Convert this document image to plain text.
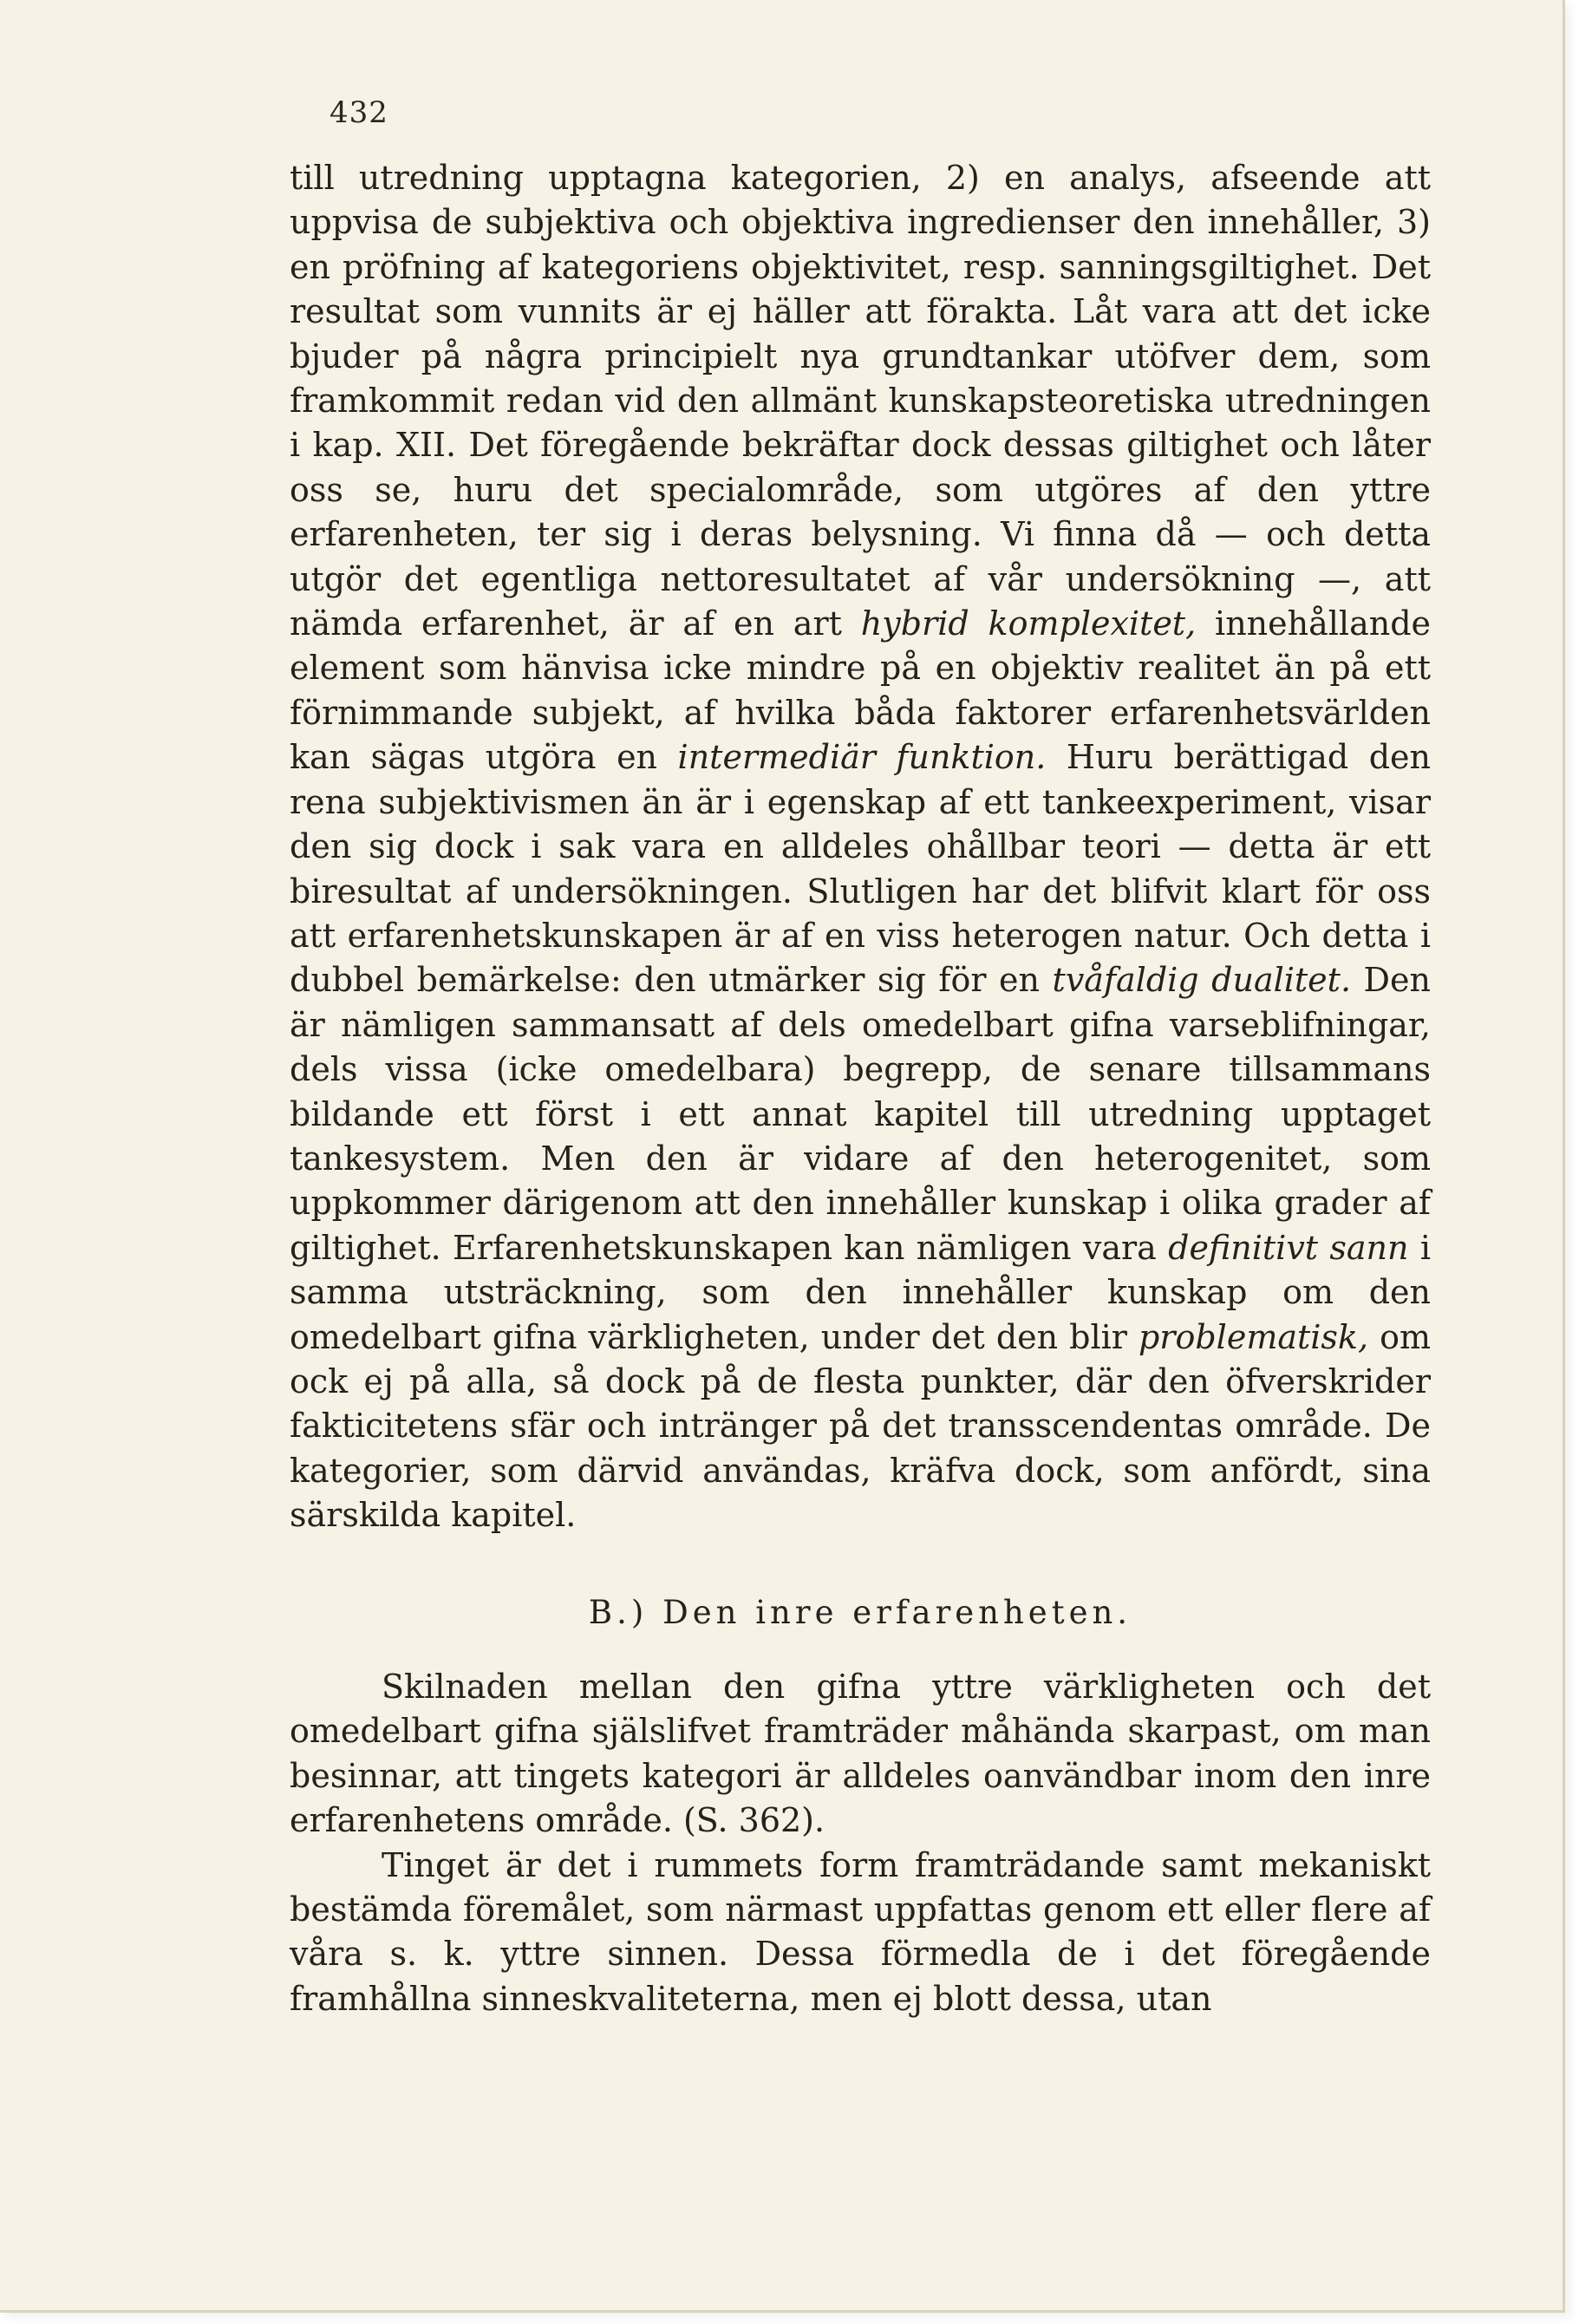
432

till utredning upptagna kategorien, 2) en analys, afseende att uppvisa de subjektiva och objektiva ingredienser den innehåller, 3) en pröfning af kategoriens objektivitet, resp. sanningsgiltighet. Det resultat som vunnits är ej häller att förakta. Låt vara att det icke bjuder på några principielt nya grundtankar utöfver dem, som framkommit redan vid den allmänt kunskapsteoretiska utredningen i kap. XII. Det föregående bekräftar dock dessas giltighet och låter oss se, huru det specialområde, som utgöres af den yttre erfarenheten, ter sig i deras belysning. Vi finna då — och detta utgör det egentliga nettoresultatet af vår undersökning —, att nämda erfarenhet, är af en art hybrid komplexitet, innehållande element som hänvisa icke mindre på en objektiv realitet än på ett förnimmande subjekt, af hvilka båda faktorer erfarenhetsvärlden kan sägas utgöra en intermediär funktion. Huru berättigad den rena subjektivismen än är i egenskap af ett tankeexperiment, visar den sig dock i sak vara en alldeles ohållbar teori — detta är ett biresultat af undersökningen. Slutligen har det blifvit klart för oss att erfarenhetskunskapen är af en viss heterogen natur. Och detta i dubbel bemärkelse: den utmärker sig för en tvåfaldig dualitet. Den är nämligen sammansatt af dels omedelbart gifna varseblifningar, dels vissa (icke omedelbara) begrepp, de senare tillsammans bildande ett först i ett annat kapitel till utredning upptaget tankesystem. Men den är vidare af den heterogenitet, som uppkommer därigenom att den innehåller kunskap i olika grader af giltighet. Erfarenhetskunskapen kan nämligen vara definitivt sann i samma utsträckning, som den innehåller kunskap om den omedelbart gifna värkligheten, under det den blir problematisk, om ock ej på alla, så dock på de flesta punkter, där den öfverskrider fakticitetens sfär och intränger på det transscendentas område. De kategorier, som därvid användas, kräfva dock, som anfördt, sina särskilda kapitel.

B.) Den inre erfarenheten.

Skilnaden mellan den gifna yttre värkligheten och det omedelbart gifna själslifvet framträder måhända skarpast, om man besinnar, att tingets kategori är alldeles oanvändbar inom den inre erfarenhetens område. (S. 362).

Tinget är det i rummets form framträdande samt mekaniskt bestämda föremålet, som närmast uppfattas genom ett eller flere af våra s. k. yttre sinnen. Dessa förmedla de i det föregående framhållna sinneskvaliteterna, men ej blott dessa, utan
